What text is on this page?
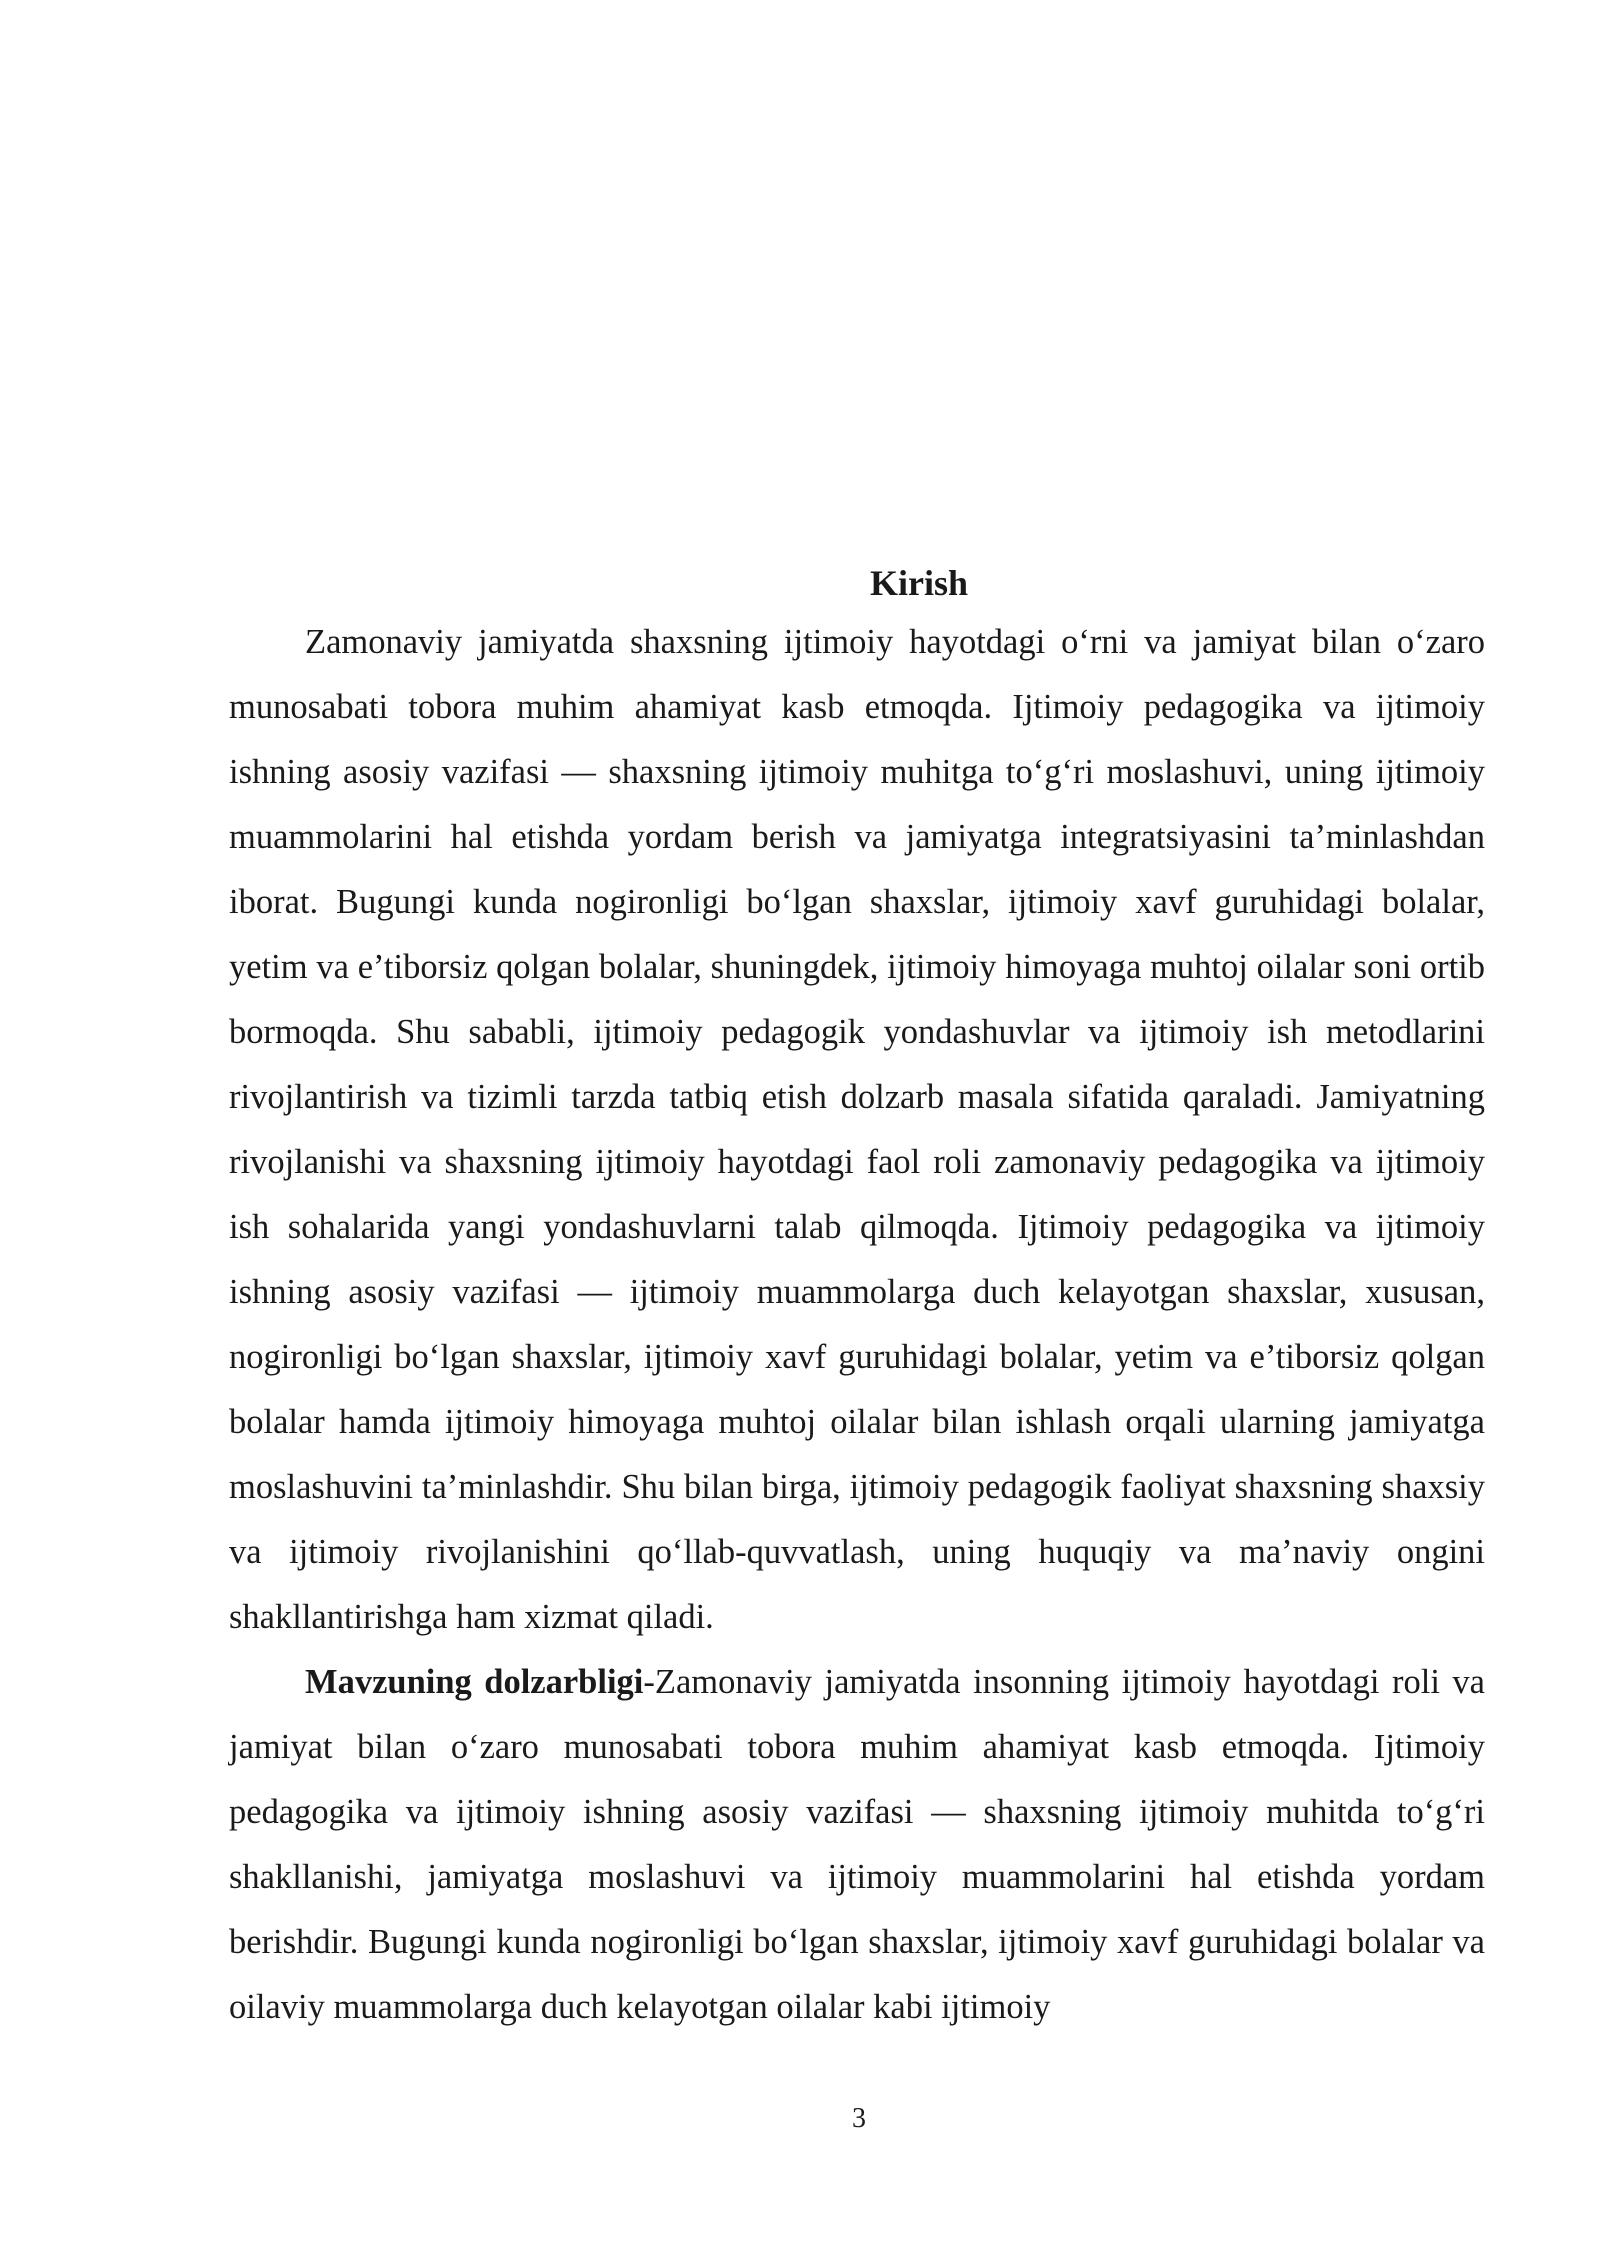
Kirish

Zamonaviy jamiyatda shaxsning ijtimoiy hayotdagi o‘rni va jamiyat bilan o‘zaro munosabati tobora muhim ahamiyat kasb etmoqda. Ijtimoiy pedagogika va ijtimoiy ishning asosiy vazifasi — shaxsning ijtimoiy muhitga to‘g‘ri moslashuvi, uning ijtimoiy muammolarini hal etishda yordam berish va jamiyatga integratsiyasini ta’minlashdan iborat. Bugungi kunda nogironligi bo‘lgan shaxslar, ijtimoiy xavf guruhidagi bolalar, yetim va e’tiborsiz qolgan bolalar, shuningdek, ijtimoiy himoyaga muhtoj oilalar soni ortib bormoqda. Shu sababli, ijtimoiy pedagogik yondashuvlar va ijtimoiy ish metodlarini rivojlantirish va tizimli tarzda tatbiq etish dolzarb masala sifatida qaraladi. Jamiyatning rivojlanishi va shaxsning ijtimoiy hayotdagi faol roli zamonaviy pedagogika va ijtimoiy ish sohalarida yangi yondashuvlarni talab qilmoqda. Ijtimoiy pedagogika va ijtimoiy ishning asosiy vazifasi — ijtimoiy muammolarga duch kelayotgan shaxslar, xususan, nogironligi bo‘lgan shaxslar, ijtimoiy xavf guruhidagi bolalar, yetim va e’tiborsiz qolgan bolalar hamda ijtimoiy himoyaga muhtoj oilalar bilan ishlash orqali ularning jamiyatga moslashuvini ta’minlashdir. Shu bilan birga, ijtimoiy pedagogik faoliyat shaxsning shaxsiy va ijtimoiy rivojlanishini qo‘llab-quvvatlash, uning huquqiy va ma’naviy ongini shakllantirishga ham xizmat qiladi.

Mavzuning dolzarbligi-Zamonaviy jamiyatda insonning ijtimoiy hayotdagi roli va jamiyat bilan o‘zaro munosabati tobora muhim ahamiyat kasb etmoqda. Ijtimoiy pedagogika va ijtimoiy ishning asosiy vazifasi — shaxsning ijtimoiy muhitda to‘g‘ri shakllanishi, jamiyatga moslashuvi va ijtimoiy muammolarini hal etishda yordam berishdir. Bugungi kunda nogironligi bo‘lgan shaxslar, ijtimoiy xavf guruhidagi bolalar va oilaviy muammolarga duch kelayotgan oilalar kabi ijtimoiy

3
